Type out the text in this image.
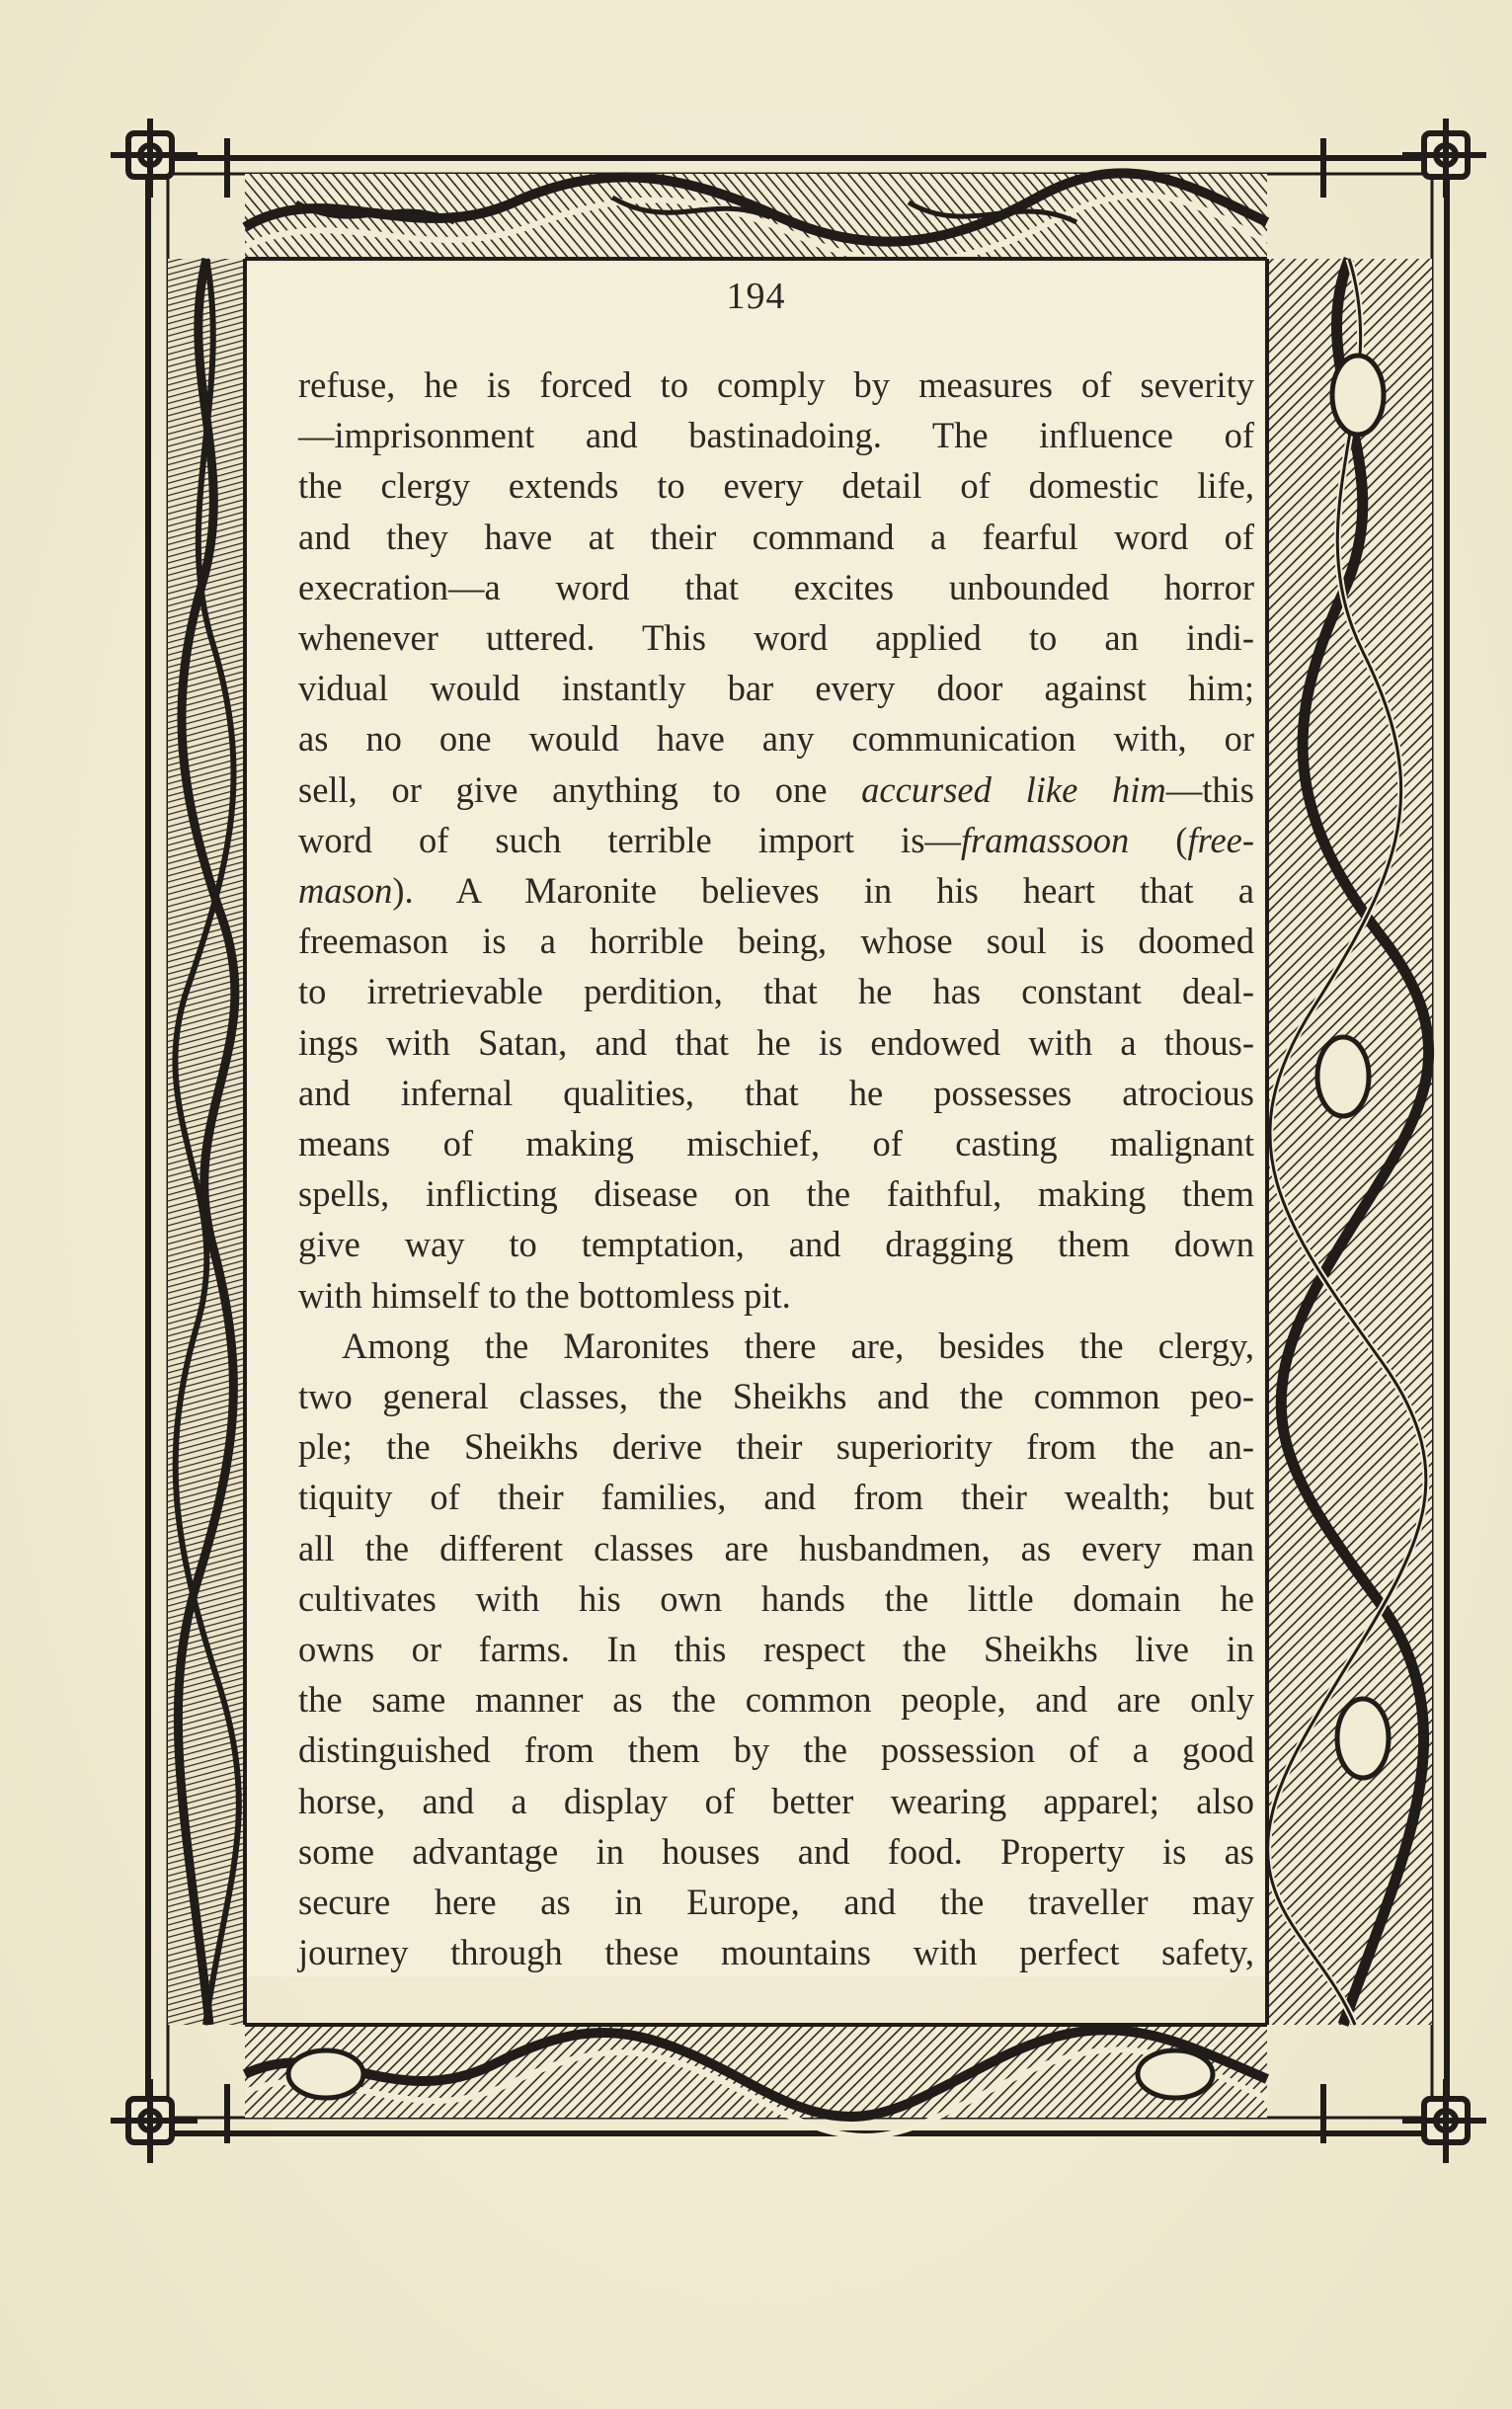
194
refuse, he is forced to comply by measures of severity
—imprisonment and bastinadoing. The influence of
the clergy extends to every detail of domestic life,
and they have at their command a fearful word of
execration—a word that excites unbounded horror
whenever uttered. This word applied to an indi-
vidual would instantly bar every door against him;
as no one would have any communication with, or
sell, or give anything to one accursed like him—this
word of such terrible import is—framassoon (free-
mason). A Maronite believes in his heart that a
freemason is a horrible being, whose soul is doomed
to irretrievable perdition, that he has constant deal-
ings with Satan, and that he is endowed with a thous-
and infernal qualities, that he possesses atrocious
means of making mischief, of casting malignant
spells, inflicting disease on the faithful, making them
give way to temptation, and dragging them down
with himself to the bottomless pit.
Among the Maronites there are, besides the clergy,
two general classes, the Sheikhs and the common peo-
ple; the Sheikhs derive their superiority from the an-
tiquity of their families, and from their wealth; but
all the different classes are husbandmen, as every man
cultivates with his own hands the little domain he
owns or farms. In this respect the Sheikhs live in
the same manner as the common people, and are only
distinguished from them by the possession of a good
horse, and a display of better wearing apparel; also
some advantage in houses and food. Property is as
secure here as in Europe, and the traveller may
journey through these mountains with perfect safety,
